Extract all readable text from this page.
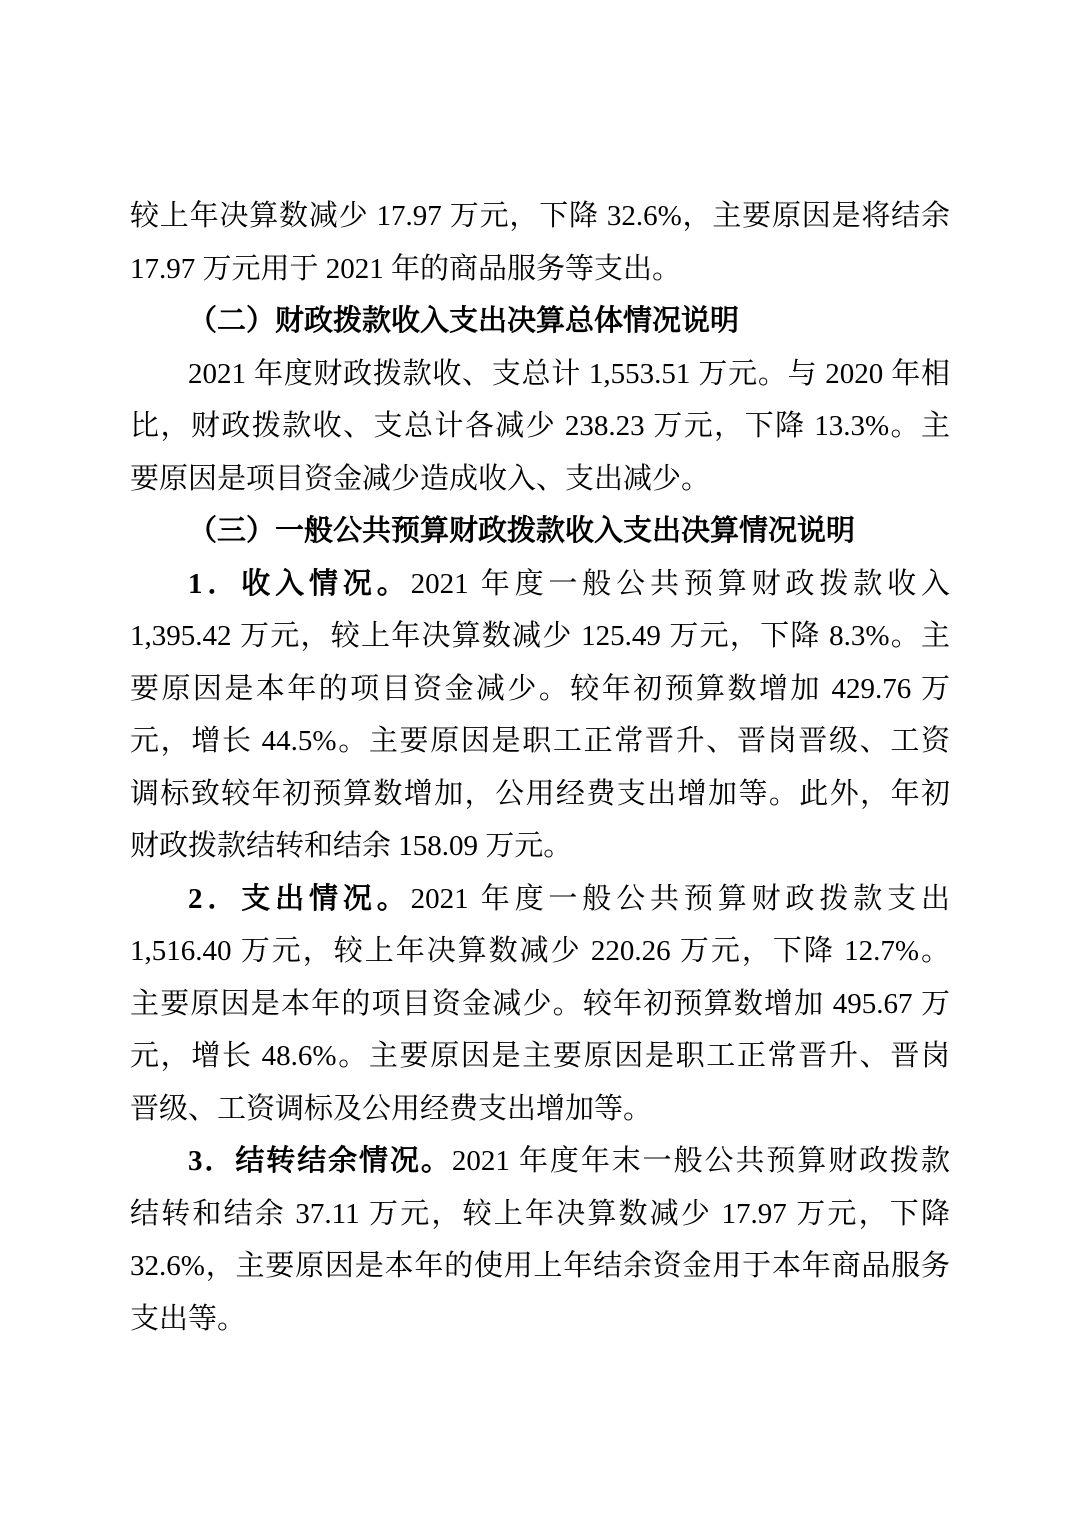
较上年决算数减少 17.97 万元，下降 32.6%，主要原因是将结余
17.97 万元用于 2021 年的商品服务等支出。
（二）财政拨款收入支出决算总体情况说明
2021 年度财政拨款收、支总计 1,553.51 万元。与 2020 年相
比，财政拨款收、支总计各减少 238.23 万元，下降 13.3%。主
要原因是项目资金减少造成收入、支出减少。
（三）一般公共预算财政拨款收入支出决算情况说明
1．收入情况。2021 年度一般公共预算财政拨款收入
1,395.42 万元，较上年决算数减少 125.49 万元，下降 8.3%。主
要原因是本年的项目资金减少。较年初预算数增加 429.76 万
元，增长 44.5%。主要原因是职工正常晋升、晋岗晋级、工资
调标致较年初预算数增加，公用经费支出增加等。此外，年初
财政拨款结转和结余 158.09 万元。
2．支出情况。2021 年度一般公共预算财政拨款支出
1,516.40 万元，较上年决算数减少 220.26 万元，下降 12.7%。
主要原因是本年的项目资金减少。较年初预算数增加 495.67 万
元，增长 48.6%。主要原因是主要原因是职工正常晋升、晋岗
晋级、工资调标及公用经费支出增加等。
3．结转结余情况。2021 年度年末一般公共预算财政拨款
结转和结余 37.11 万元，较上年决算数减少 17.97 万元，下降
32.6%，主要原因是本年的使用上年结余资金用于本年商品服务
支出等。
